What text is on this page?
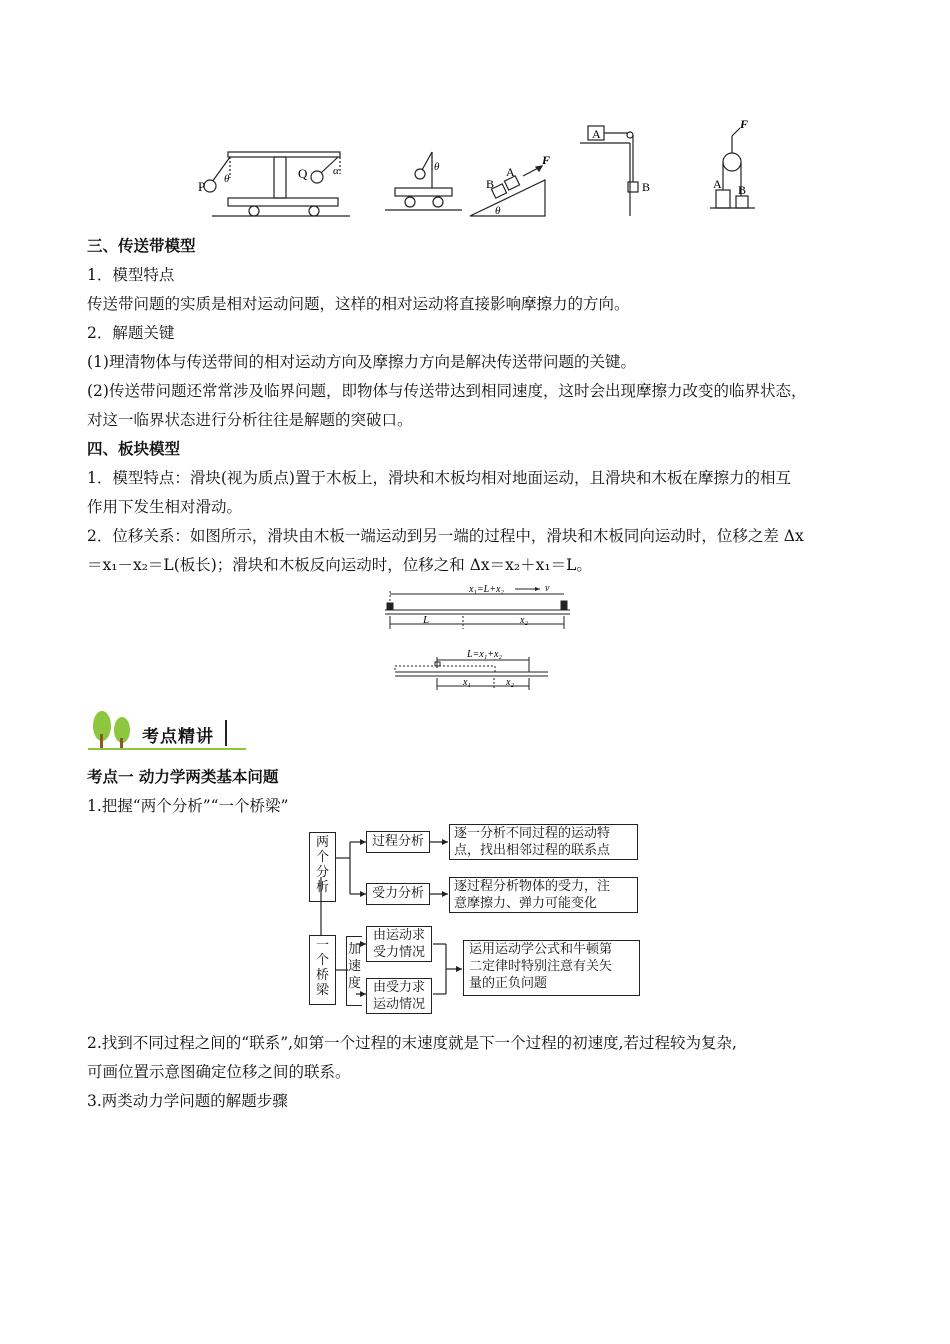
P θ	Q α	θ
B
A
F
θ
A
B
F
A B
三、传送带模型
1．模型特点
传送带问题的实质是相对运动问题，这样的相对运动将直接影响摩擦力的方向。
2．解题关键
(1)理清物体与传送带间的相对运动方向及摩擦力方向是解决传送带问题的关键。
(2)传送带问题还常常涉及临界问题，即物体与传送带达到相同速度，这时会出现摩擦力改变的临界状态，
对这一临界状态进行分析往往是解题的突破口。
四、板块模型
1．模型特点：滑块(视为质点)置于木板上，滑块和木板均相对地面运动，且滑块和木板在摩擦力的相互
作用下发生相对滑动。
2．位移关系：如图所示，滑块由木板一端运动到另一端的过程中，滑块和木板同向运动时，位移之差 Δx
＝x₁－x₂＝L(板长)；滑块和木板反向运动时，位移之和 Δx＝x₂＋x₁＝L。
x₁=L+x₂	v
L	x₂
L=x₁+x₂
x₁	x₂
考点精讲
考点一 动力学两类基本问题
1.把握“两个分析”“一个桥梁”
两
个
分
析
一
个
桥
梁
加
速
度
过程分析
受力分析
逐一分析不同过程的运动特
点，找出相邻过程的联系点
逐过程分析物体的受力，注
意摩擦力、弹力可能变化
由运动求
受力情况
由受力求
运动情况
运用运动学公式和牛顿第
二定律时特别注意有关矢
量的正负问题
2.找到不同过程之间的“联系”,如第一个过程的末速度就是下一个过程的初速度,若过程较为复杂,
可画位置示意图确定位移之间的联系。
3.两类动力学问题的解题步骤
